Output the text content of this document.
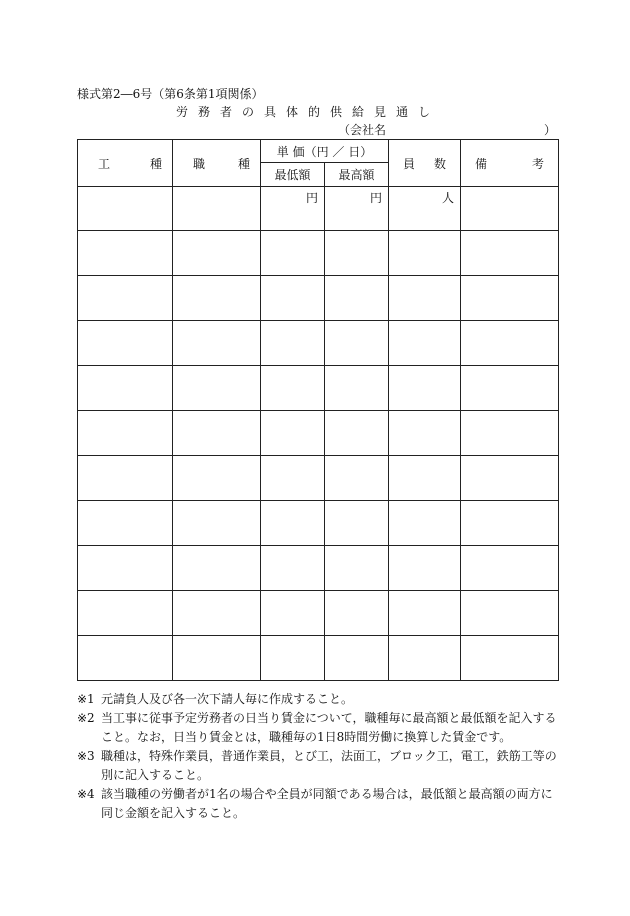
様式第2―6号（第6条第1項関係）
労務者の具体的供給見通し
（会社名	）
工 種	職 種	単 価（円 ／ 日）		員 数	備 考

		最低額	最高額		
		円	円	人	

※1 元請負人及び各一次下請人毎に作成すること。
※2 当工事に従事予定労務者の日当り賃金について，職種毎に最高額と最低額を記入すること。なお，日当り賃金とは，職種毎の1日8時間労働に換算した賃金です。
※3 職種は，特殊作業員，普通作業員，とび工，法面工，ブロック工，電工，鉄筋工等の別に記入すること。
※4 該当職種の労働者が1名の場合や全員が同額である場合は，最低額と最高額の両方に同じ金額を記入すること。
